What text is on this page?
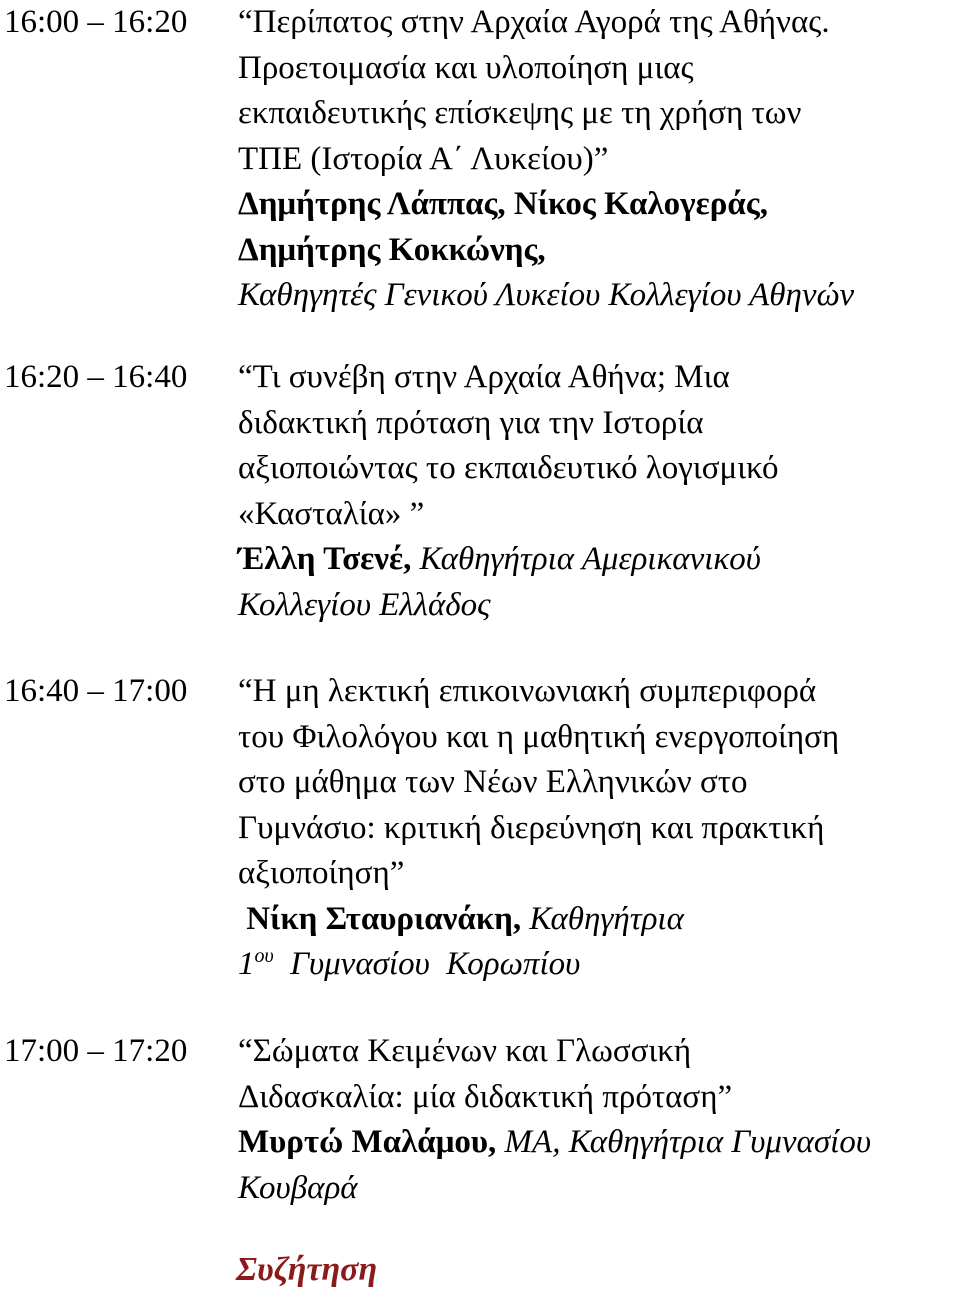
16:00 – 16:20 “Περίπατος στην Αρχαία Αγορά της Αθήνας.
Προετοιμασία και υλοποίηση μιας
εκπαιδευτικής επίσκεψης με τη χρήση των
ΤΠΕ (Ιστορία Α΄ Λυκείου)”
Δημήτρης Λάππας, Νίκος Καλογεράς,
Δημήτρης Κοκκώνης,
Καθηγητές Γενικού Λυκείου Κολλεγίου Αθηνών
16:20 – 16:40 “Τι συνέβη στην Αρχαία Αθήνα; Μια
διδακτική πρόταση για την Ιστορία
αξιοποιώντας το εκπαιδευτικό λογισμικό
«Κασταλία» ”
Έλλη Τσενέ, Καθηγήτρια Αμερικανικού
Κολλεγίου Ελλάδος
16:40 – 17:00 “Η μη λεκτική επικοινωνιακή συμπεριφορά
του Φιλολόγου και η μαθητική ενεργοποίηση
στο μάθημα των Νέων Ελληνικών στο
Γυμνάσιο: κριτική διερεύνηση και πρακτική
αξιοποίηση”
Νίκη Σταυριανάκη, Καθηγήτρια
$1^{o\upsilon}$  Γυμνασίου  Κορωπίου
17:00 – 17:20 “Σώματα Κειμένων και Γλωσσική
Διδασκαλία: μία διδακτική πρόταση”
Μυρτώ Μαλάμου, ΜΑ, Καθηγήτρια Γυμνασίου
Κουβαρά
Συζήτηση
